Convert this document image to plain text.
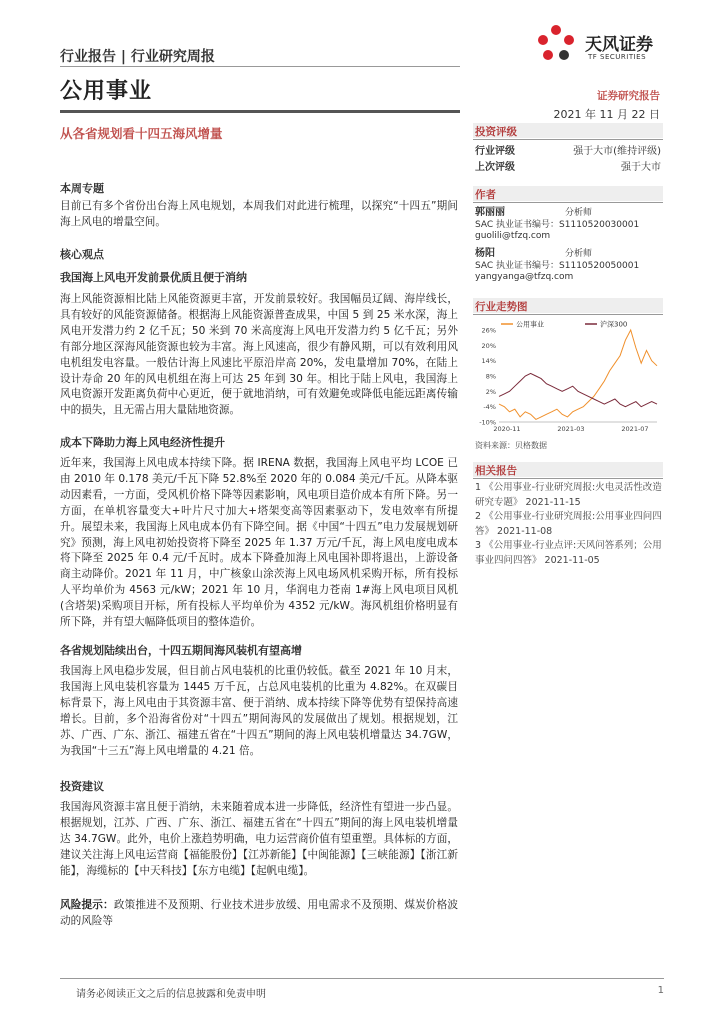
行业报告 | 行业研究周报
公用事业
从各省规划看十四五海风增量
天风证券
TF SECURITIES
证券研究报告
2021 年 11 月 22 日
投资评级
行业评级	强于大市(维持评级)
上次评级	强于大市
作者
郭丽丽	分析师
SAC 执业证书编号：S1110520030001
guolili@tfzq.com
杨阳	分析师
SAC 执业证书编号：S1110520050001
yangyanga@tfzq.com
行业走势图
26%
20%
14%
8%
2%
-4%
-10%
2020-11	2021-03	2021-07
公用事业	沪深300
资料来源：贝格数据
相关报告
1 《公用事业-行业研究周报:火电灵活性改造研究专题》 2021-11-15
2 《公用事业-行业研究周报:公用事业四问四答》 2021-11-08
3 《公用事业-行业点评:天风问答系列；公用事业四问四答》 2021-11-05
本周专题
目前已有多个省份出台海上风电规划，本周我们对此进行梳理，以探究“十四五”期间海上风电的增量空间。
核心观点
我国海上风电开发前景优质且便于消纳
海上风能资源相比陆上风能资源更丰富，开发前景较好。我国幅员辽阔、海岸线长，具有较好的风能资源储备。根据海上风能资源普查成果，中国 5 到 25 米水深，海上风电开发潜力约 2 亿千瓦；50 米到 70 米高度海上风电开发潜力约 5 亿千瓦；另外有部分地区深海风能资源也较为丰富。海上风速高，很少有静风期，可以有效利用风电机组发电容量。一般估计海上风速比平原沿岸高 20%，发电量增加 70%，在陆上设计寿命 20 年的风电机组在海上可达 25 年到 30 年。相比于陆上风电，我国海上风电资源开发距离负荷中心更近，便于就地消纳，可有效避免或降低电能远距离传输中的损失，且无需占用大量陆地资源。
成本下降助力海上风电经济性提升
近年来，我国海上风电成本持续下降。据 IRENA 数据，我国海上风电平均 LCOE 已由 2010 年 0.178 美元/千瓦下降 52.8%至 2020 年的 0.084 美元/千瓦。从降本驱动因素看，一方面，受风机价格下降等因素影响，风电项目造价成本有所下降。另一方面，在单机容量变大+叶片尺寸加大+塔架变高等因素驱动下，发电效率有所提升。展望未来，我国海上风电成本仍有下降空间。据《中国“十四五”电力发展规划研究》预测，海上风电初始投资将下降至 2025 年 1.37 万元/千瓦，海上风电度电成本将下降至 2025 年 0.4 元/千瓦时。成本下降叠加海上风电国补即将退出，上游设备商主动降价。2021 年 11 月，中广核象山涂茨海上风电场风机采购开标，所有投标人平均单价为 4563 元/kW；2021 年 10 月，华润电力苍南 1#海上风电项目风机(含塔架)采购项目开标，所有投标人平均单价为 4352 元/kW。海风机组价格明显有所下降，并有望大幅降低项目的整体造价。
各省规划陆续出台，十四五期间海风装机有望高增
我国海上风电稳步发展，但目前占风电装机的比重仍较低。截至 2021 年 10 月末，我国海上风电装机容量为 1445 万千瓦，占总风电装机的比重为 4.82%。在双碳目标背景下，海上风电由于其资源丰富、便于消纳、成本持续下降等优势有望保持高速增长。目前，多个沿海省份对“十四五”期间海风的发展做出了规划。根据规划，江苏、广西、广东、浙江、福建五省在“十四五”期间的海上风电装机增量达 34.7GW，为我国“十三五”海上风电增量的 4.21 倍。
投资建议
我国海风资源丰富且便于消纳，未来随着成本进一步降低，经济性有望进一步凸显。根据规划，江苏、广西、广东、浙江、福建五省在“十四五”期间的海上风电装机增量达 34.7GW。此外，电价上涨趋势明确，电力运营商价值有望重塑。具体标的方面，建议关注海上风电运营商【福能股份】【江苏新能】【中闽能源】【三峡能源】【浙江新能】，海缆标的【中天科技】【东方电缆】【起帆电缆】。
风险提示：政策推进不及预期、行业技术进步放缓、用电需求不及预期、煤炭价格波动的风险等
请务必阅读正文之后的信息披露和免责申明	1
